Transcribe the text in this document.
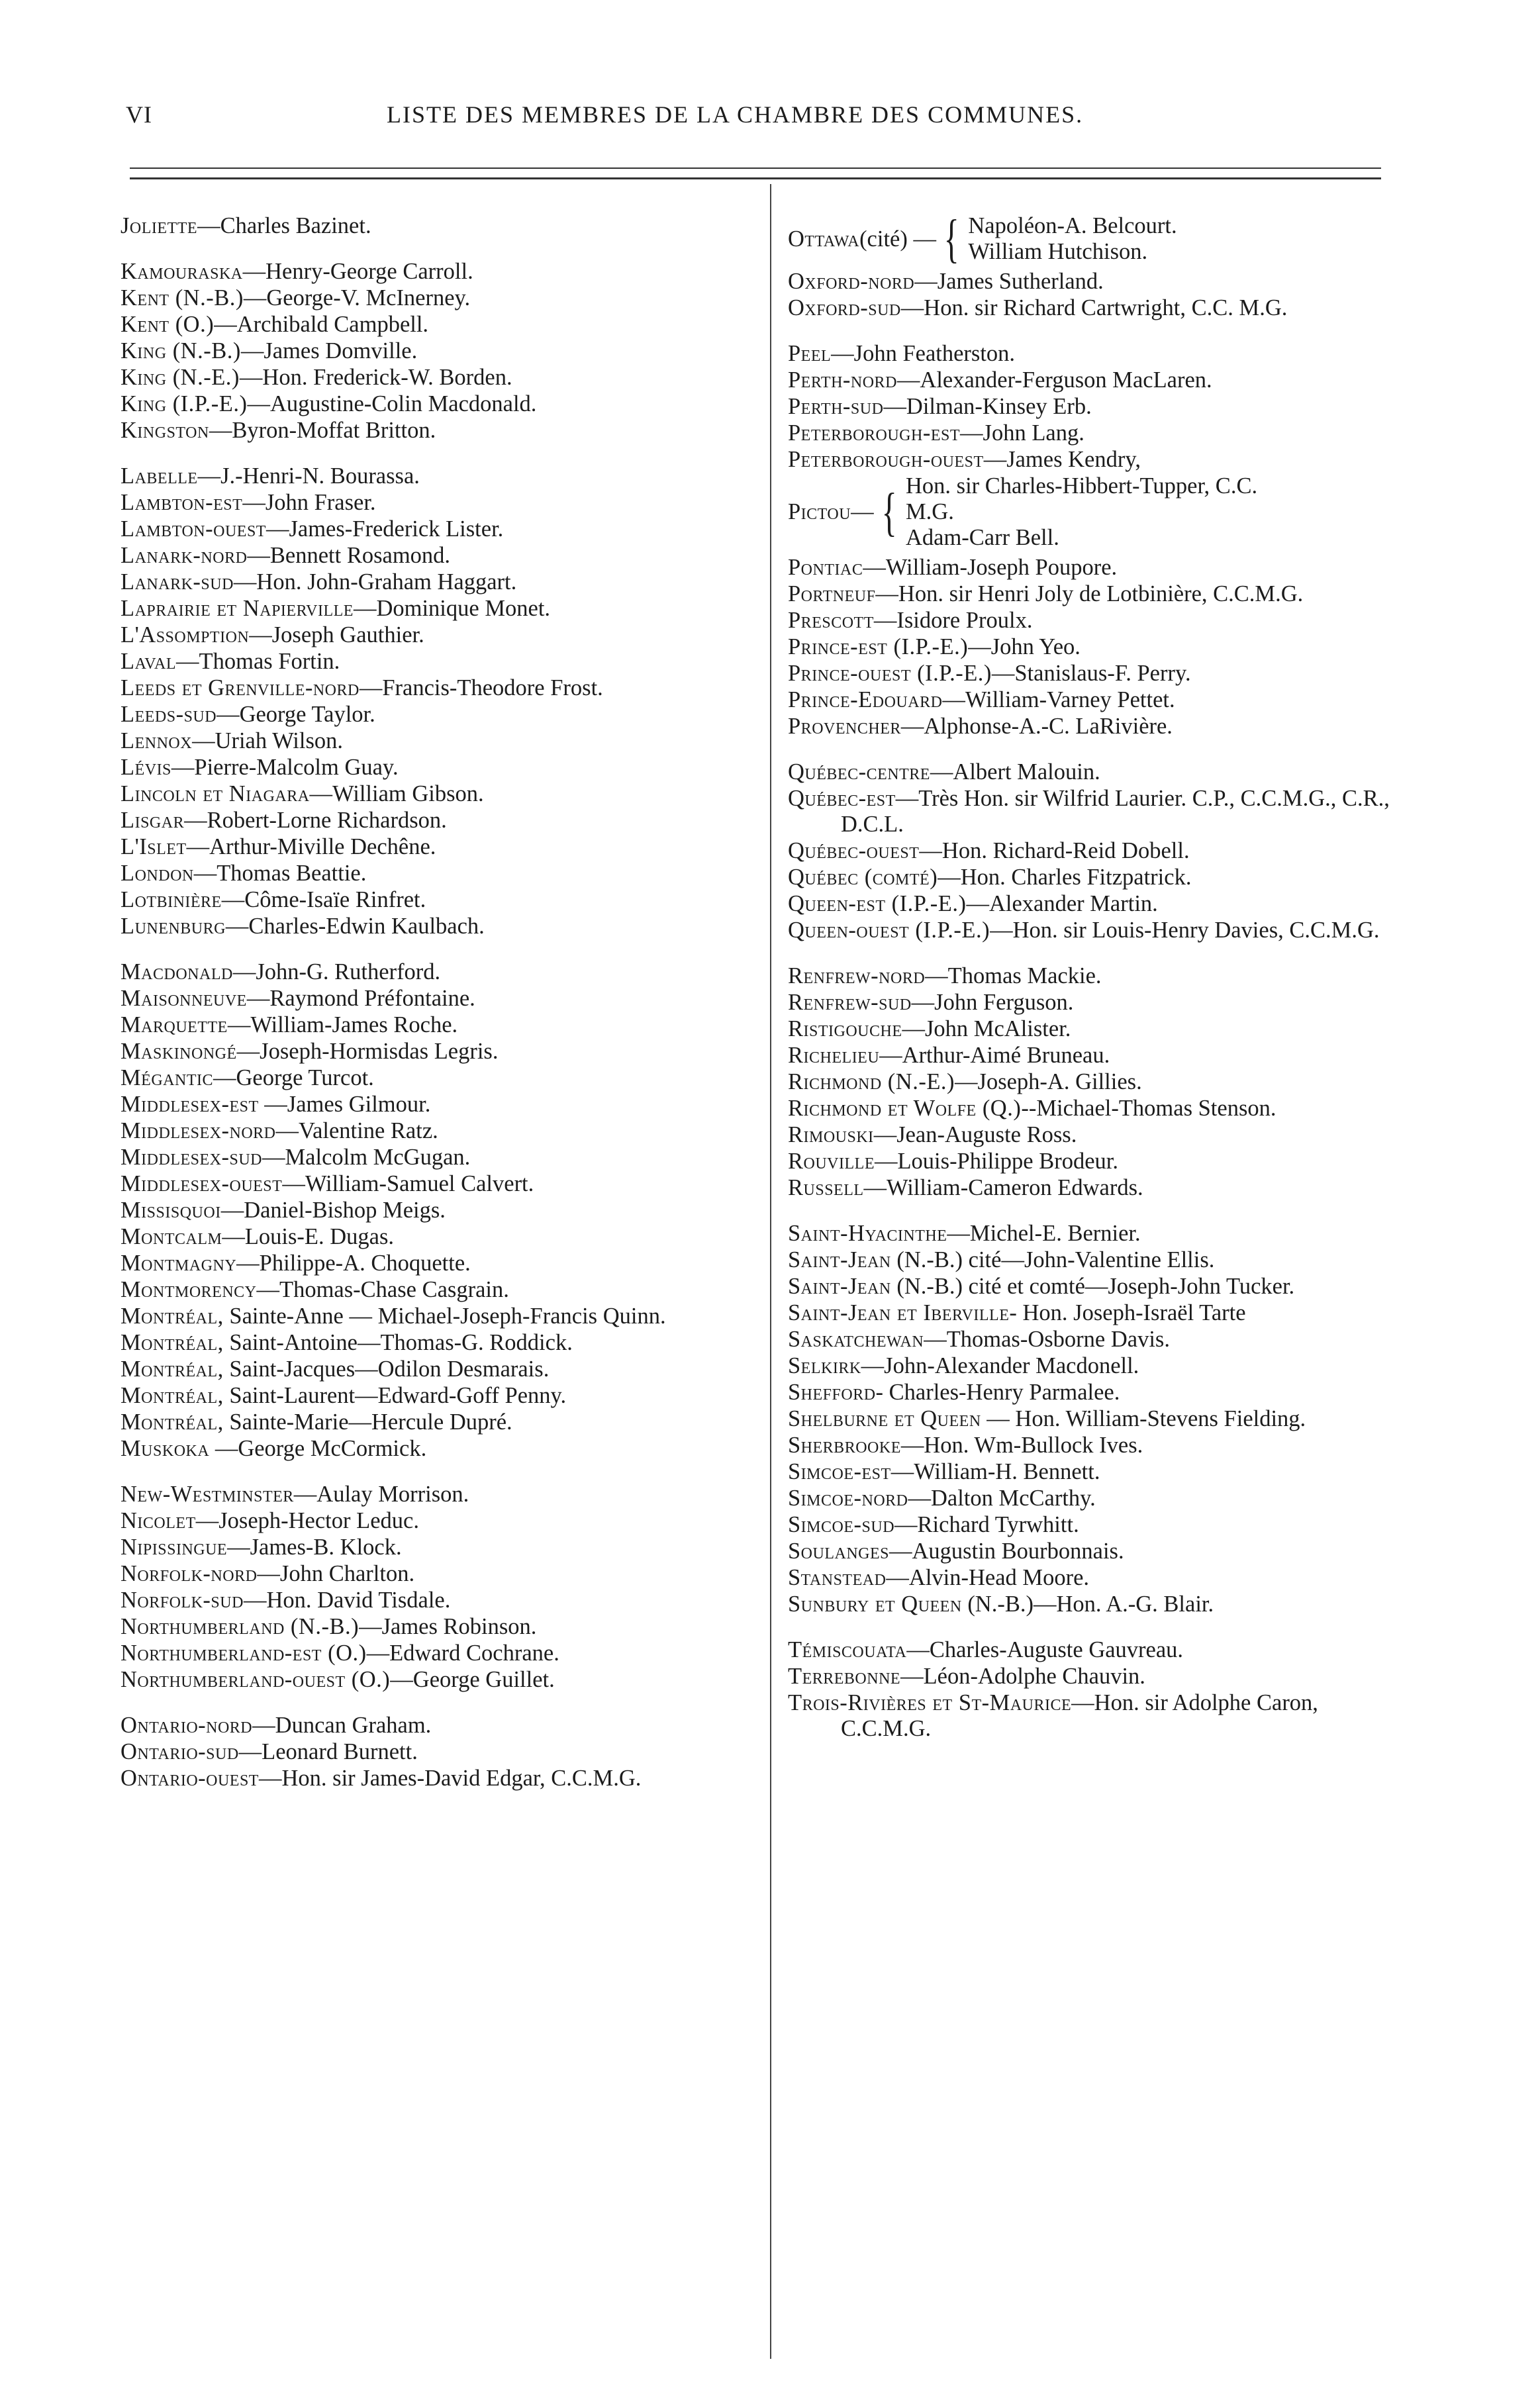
VI	LISTE DES MEMBRES DE LA CHAMBRE DES COMMUNES.
Joliette—Charles Bazinet.
Kamouraska—Henry-George Carroll.
Kent (N.-B.)—George-V. McInerney.
Kent (O.)—Archibald Campbell.
King (N.-B.)—James Domville.
King (N.-E.)—Hon. Frederick-W. Borden.
King (I.P.-E.)—Augustine-Colin Macdonald.
Kingston—Byron-Moffat Britton.
Labelle—J.-Henri-N. Bourassa.
Lambton-est—John Fraser.
Lambton-ouest—James-Frederick Lister.
Lanark-nord—Bennett Rosamond.
Lanark-sud—Hon. John-Graham Haggart.
Laprairie et Napierville—Dominique Monet.
L'Assomption—Joseph Gauthier.
Laval—Thomas Fortin.
Leeds et Grenville-nord—Francis-Theodore Frost.
Leeds-sud—George Taylor.
Lennox—Uriah Wilson.
Lévis—Pierre-Malcolm Guay.
Lincoln et Niagara—William Gibson.
Lisgar—Robert-Lorne Richardson.
L'Islet—Arthur-Miville Dechêne.
London—Thomas Beattie.
Lotbinière—Côme-Isaïe Rinfret.
Lunenburg—Charles-Edwin Kaulbach.
Macdonald—John-G. Rutherford.
Maisonneuve—Raymond Préfontaine.
Marquette—William-James Roche.
Maskinongé—Joseph-Hormisdas Legris.
Mégantic—George Turcot.
Middlesex-est —James Gilmour.
Middlesex-nord—Valentine Ratz.
Middlesex-sud—Malcolm McGugan.
Middlesex-ouest—William-Samuel Calvert.
Missisquoi—Daniel-Bishop Meigs.
Montcalm—Louis-E. Dugas.
Montmagny—Philippe-A. Choquette.
Montmorency—Thomas-Chase Casgrain.
Montréal, Sainte-Anne — Michael-Joseph-Francis Quinn.
Montréal, Saint-Antoine—Thomas-G. Roddick.
Montréal, Saint-Jacques—Odilon Desmarais.
Montréal, Saint-Laurent—Edward-Goff Penny.
Montréal, Sainte-Marie—Hercule Dupré.
Muskoka —George McCormick.
New-Westminster—Aulay Morrison.
Nicolet—Joseph-Hector Leduc.
Nipissingue—James-B. Klock.
Norfolk-nord—John Charlton.
Norfolk-sud—Hon. David Tisdale.
Northumberland (N.-B.)—James Robinson.
Northumberland-est (O.)—Edward Cochrane.
Northumberland-ouest (O.)—George Guillet.
Ontario-nord—Duncan Graham.
Ontario-sud—Leonard Burnett.
Ontario-ouest—Hon. sir James-David Edgar, C.C.M.G.
Ottawa (cité) — { Napoléon-A. Belcourt.
William Hutchison.
Oxford-nord—James Sutherland.
Oxford-sud—Hon. sir Richard Cartwright, C.C. M.G.
Peel—John Featherston.
Perth-nord—Alexander-Ferguson MacLaren.
Perth-sud—Dilman-Kinsey Erb.
Peterborough-est—John Lang.
Peterborough-ouest—James Kendry,
Pictou — { Hon. sir Charles-Hibbert-Tupper, C.C.
M.G.
Adam-Carr Bell.
Pontiac—William-Joseph Poupore.
Portneuf—Hon. sir Henri Joly de Lotbinière, C.C.M.G.
Prescott—Isidore Proulx.
Prince-est (I.P.-E.)—John Yeo.
Prince-ouest (I.P.-E.)—Stanislaus-F. Perry.
Prince-Edouard—William-Varney Pettet.
Provencher—Alphonse-A.-C. LaRivière.
Québec-centre—Albert Malouin.
Québec-est—Très Hon. sir Wilfrid Laurier. C.P., C.C.M.G., C.R., D.C.L.
Québec-ouest—Hon. Richard-Reid Dobell.
Québec (comté)—Hon. Charles Fitzpatrick.
Queen-est (I.P.-E.)—Alexander Martin.
Queen-ouest (I.P.-E.)—Hon. sir Louis-Henry Davies, C.C.M.G.
Renfrew-nord—Thomas Mackie.
Renfrew-sud—John Ferguson.
Ristigouche—John McAlister.
Richelieu—Arthur-Aimé Bruneau.
Richmond (N.-E.)—Joseph-A. Gillies.
Richmond et Wolfe (Q.)--Michael-Thomas Stenson.
Rimouski—Jean-Auguste Ross.
Rouville—Louis-Philippe Brodeur.
Russell—William-Cameron Edwards.
Saint-Hyacinthe—Michel-E. Bernier.
Saint-Jean (N.-B.) cité—John-Valentine Ellis.
Saint-Jean (N.-B.) cité et comté—Joseph-John Tucker.
Saint-Jean et Iberville- Hon. Joseph-Israël Tarte
Saskatchewan—Thomas-Osborne Davis.
Selkirk—John-Alexander Macdonell.
Shefford- Charles-Henry Parmalee.
Shelburne et Queen — Hon. William-Stevens Fielding.
Sherbrooke—Hon. Wm-Bullock Ives.
Simcoe-est—William-H. Bennett.
Simcoe-nord—Dalton McCarthy.
Simcoe-sud—Richard Tyrwhitt.
Soulanges—Augustin Bourbonnais.
Stanstead—Alvin-Head Moore.
Sunbury et Queen (N.-B.)—Hon. A.-G. Blair.
Témiscouata—Charles-Auguste Gauvreau.
Terrebonne—Léon-Adolphe Chauvin.
Trois-Rivières et St-Maurice—Hon. sir Adolphe Caron, C.C.M.G.
